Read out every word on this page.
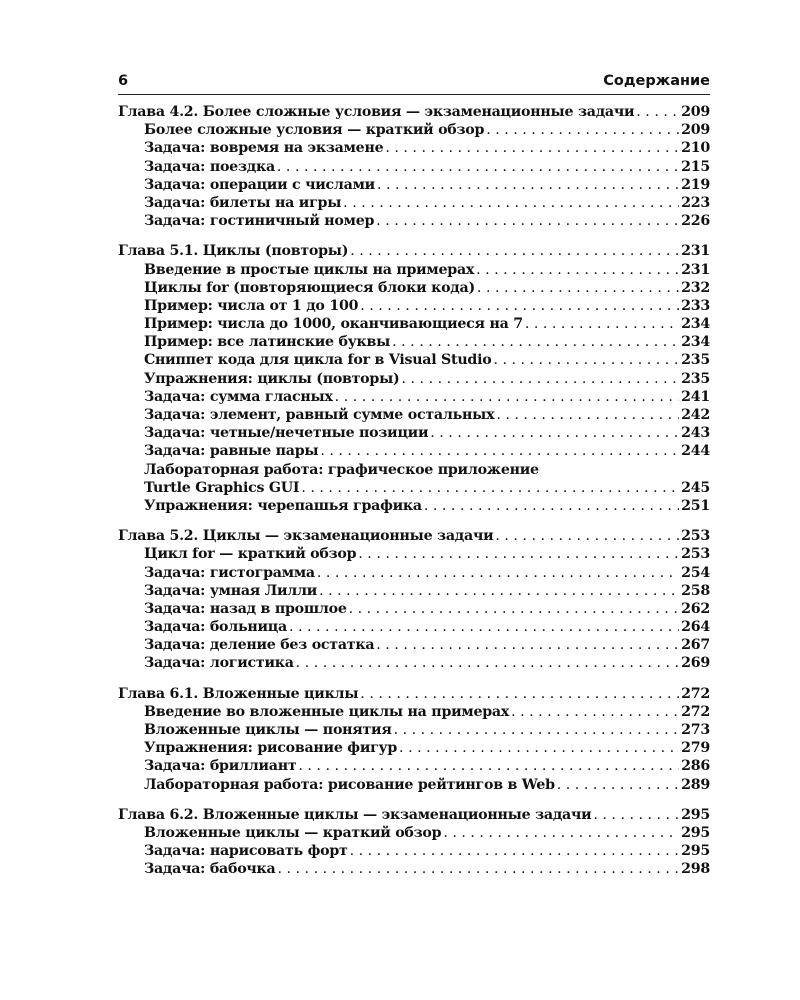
6	Содержание
Глава 4.2. Более сложные условия — экзаменационные задачи . . .	209
Более сложные условия — краткий обзор . . .	209
Задача: вовремя на экзамене . . .	210
Задача: поездка . . .	215
Задача: операции с числами . . .	219
Задача: билеты на игры . . .	223
Задача: гостиничный номер . . .	226
Глава 5.1. Циклы (повторы) . . .	231
Введение в простые циклы на примерах . . .	231
Циклы for (повторяющиеся блоки кода) . . .	232
Пример: числа от 1 до 100 . . .	233
Пример: числа до 1000, оканчивающиеся на 7 . . .	234
Пример: все латинские буквы . . .	234
Сниппет кода для цикла for в Visual Studio . . .	235
Упражнения: циклы (повторы) . . .	235
Задача: сумма гласных . . .	241
Задача: элемент, равный сумме остальных . . .	242
Задача: четные/нечетные позиции . . .	243
Задача: равные пары . . .	244
Лабораторная работа: графическое приложение
Turtle Graphics GUI . . .	245
Упражнения: черепашья графика . . .	251
Глава 5.2. Циклы — экзаменационные задачи . . .	253
Цикл for — краткий обзор . . .	253
Задача: гистограмма . . .	254
Задача: умная Лилли . . .	258
Задача: назад в прошлое . . .	262
Задача: больница . . .	264
Задача: деление без остатка . . .	267
Задача: логистика . . .	269
Глава 6.1. Вложенные циклы . . .	272
Введение во вложенные циклы на примерах . . .	272
Вложенные циклы — понятия . . .	273
Упражнения: рисование фигур . . .	279
Задача: бриллиант . . .	286
Лабораторная работа: рисование рейтингов в Web . . .	289
Глава 6.2. Вложенные циклы — экзаменационные задачи . . .	295
Вложенные циклы — краткий обзор . . .	295
Задача: нарисовать форт . . .	295
Задача: бабочка . . .	298
